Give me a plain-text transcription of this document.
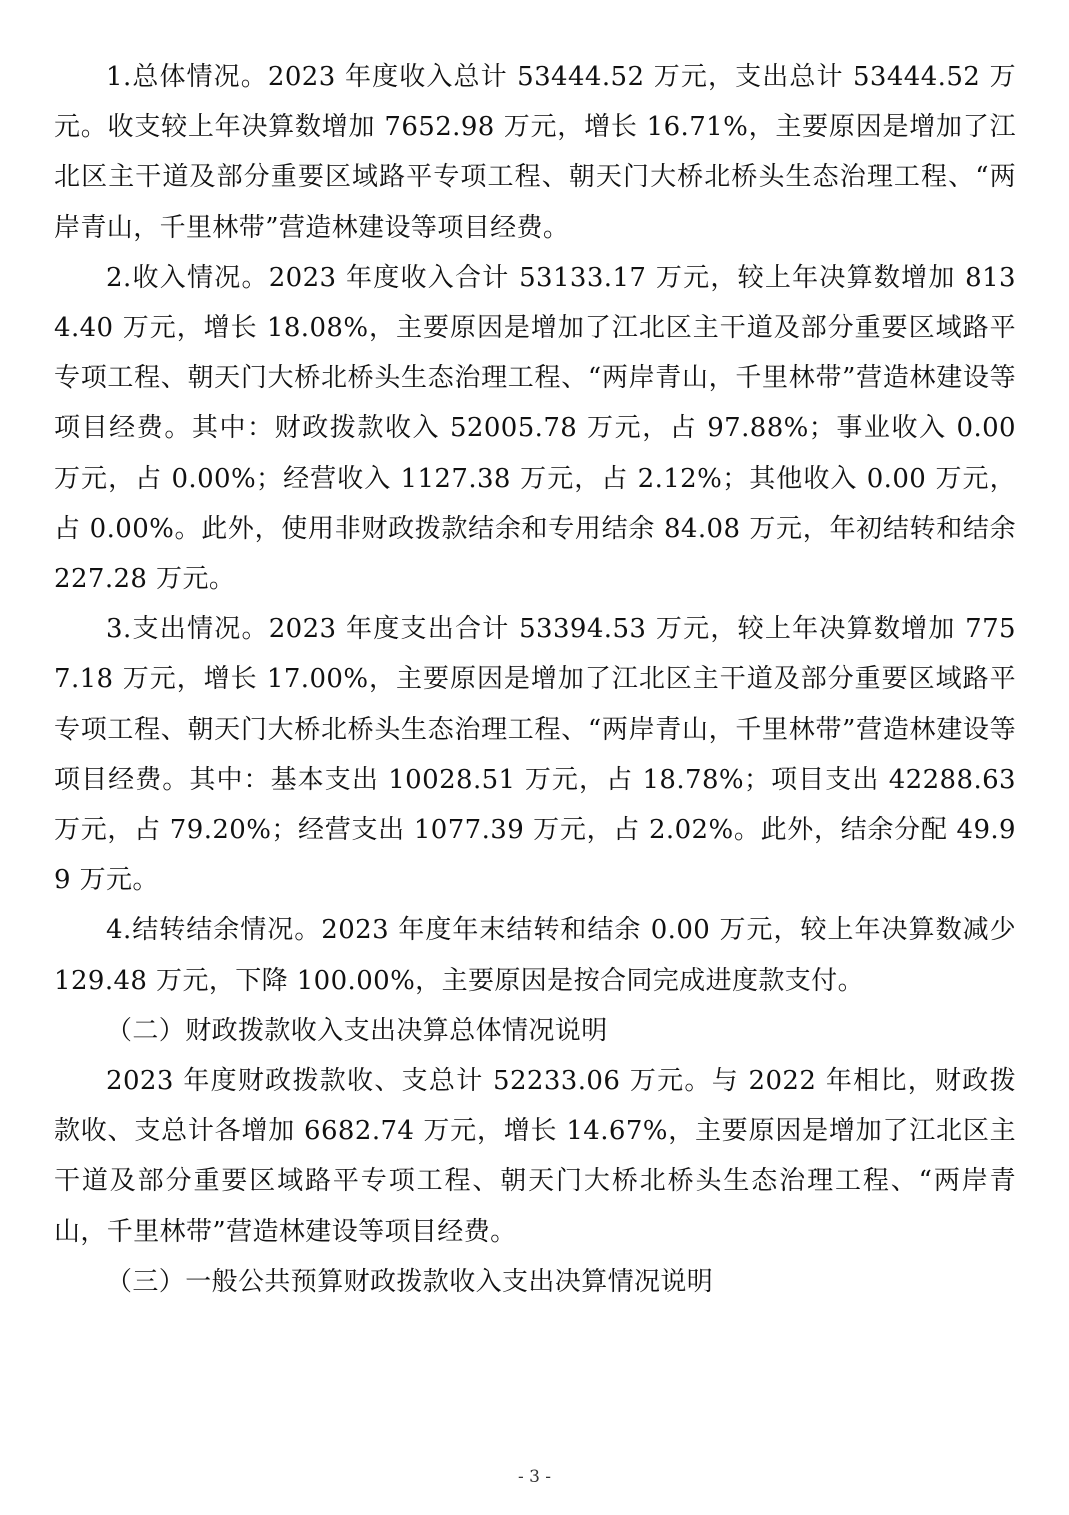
1.总体情况。2023 年度收入总计 53444.52 万元，支出总计 53444.52 万元。收支较上年决算数增加 7652.98 万元，增长 16.71%，主要原因是增加了江北区主干道及部分重要区域路平专项工程、朝天门大桥北桥头生态治理工程、“两岸青山，千里林带”营造林建设等项目经费。

2.收入情况。2023 年度收入合计 53133.17 万元，较上年决算数增加 8134.40 万元，增长 18.08%，主要原因是增加了江北区主干道及部分重要区域路平专项工程、朝天门大桥北桥头生态治理工程、“两岸青山，千里林带”营造林建设等项目经费。其中：财政拨款收入 52005.78 万元，占 97.88%；事业收入 0.00 万元，占 0.00%；经营收入 1127.38 万元，占 2.12%；其他收入 0.00 万元，占 0.00%。此外，使用非财政拨款结余和专用结余 84.08 万元，年初结转和结余 227.28 万元。

3.支出情况。2023 年度支出合计 53394.53 万元，较上年决算数增加 7757.18 万元，增长 17.00%，主要原因是增加了江北区主干道及部分重要区域路平专项工程、朝天门大桥北桥头生态治理工程、“两岸青山，千里林带”营造林建设等项目经费。其中：基本支出 10028.51 万元，占 18.78%；项目支出 42288.63 万元，占 79.20%；经营支出 1077.39 万元，占 2.02%。此外，结余分配 49.99 万元。

4.结转结余情况。2023 年度年末结转和结余 0.00 万元，较上年决算数减少 129.48 万元，下降 100.00%，主要原因是按合同完成进度款支付。

（二）财政拨款收入支出决算总体情况说明

2023 年度财政拨款收、支总计 52233.06 万元。与 2022 年相比，财政拨款收、支总计各增加 6682.74 万元，增长 14.67%，主要原因是增加了江北区主干道及部分重要区域路平专项工程、朝天门大桥北桥头生态治理工程、“两岸青山，千里林带”营造林建设等项目经费。

（三）一般公共预算财政拨款收入支出决算情况说明

- 3 -
